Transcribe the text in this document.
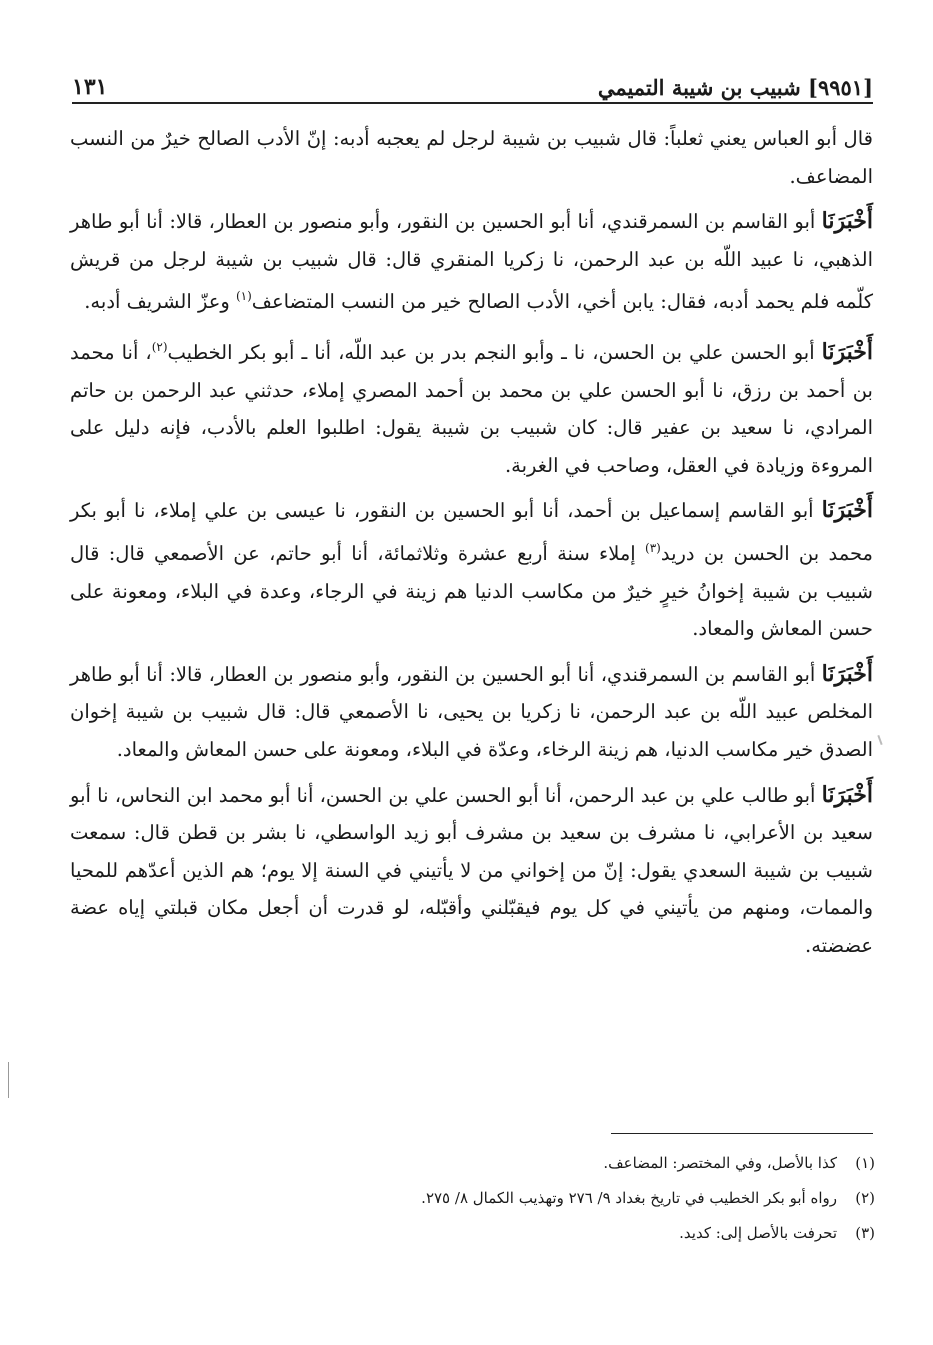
[٩٩٥١] شبيب بن شيبة التميمي
١٣١

قال أبو العباس يعني ثعلباً: قال شبيب بن شيبة لرجل لم يعجبه أدبه: إنّ الأدب الصالح خيرٌ من النسب المضاعف.

أَخْبَرَنَا أبو القاسم بن السمرقندي، أنا أبو الحسين بن النقور، وأبو منصور بن العطار، قالا: أنا أبو طاهر الذهبي، نا عبيد اللّه بن عبد الرحمن، نا زكريا المنقري قال: قال شبيب بن شيبة لرجل من قريش كلّمه فلم يحمد أدبه، فقال: يابن أخي، الأدب الصالح خير من النسب المتضاعف$^{(١)}$ وعزّ الشريف أدبه.

أَخْبَرَنَا أبو الحسن علي بن الحسن، نا ـ وأبو النجم بدر بن عبد اللّه، أنا ـ أبو بكر الخطيب$^{(٢)}$، أنا محمد بن أحمد بن رزق، نا أبو الحسن علي بن محمد بن أحمد المصري إملاء، حدثني عبد الرحمن بن حاتم المرادي، نا سعيد بن عفير قال: كان شبيب بن شيبة يقول: اطلبوا العلم بالأدب، فإنه دليل على المروءة وزيادة في العقل، وصاحب في الغربة.

أَخْبَرَنَا أبو القاسم إسماعيل بن أحمد، أنا أبو الحسين بن النقور، نا عيسى بن علي إملاء، نا أبو بكر محمد بن الحسن بن دريد$^{(٣)}$ إملاء سنة أربع عشرة وثلاثمائة، أنا أبو حاتم، عن الأصمعي قال: قال شبيب بن شيبة إخوانُ خيرٍ خيرٌ من مكاسب الدنيا هم زينة في الرجاء، وعدة في البلاء، ومعونة على حسن المعاش والمعاد.

أَخْبَرَنَا أبو القاسم بن السمرقندي، أنا أبو الحسين بن النقور، وأبو منصور بن العطار، قالا: أنا أبو طاهر المخلص عبيد اللّه بن عبد الرحمن، نا زكريا بن يحيى، نا الأصمعي قال: قال شبيب بن شيبة إخوان الصدق خير مكاسب الدنيا، هم زينة الرخاء، وعدّة في البلاء، ومعونة على حسن المعاش والمعاد.

أَخْبَرَنَا أبو طالب علي بن عبد الرحمن، أنا أبو الحسن علي بن الحسن، أنا أبو محمد ابن النحاس، نا أبو سعيد بن الأعرابي، نا مشرف بن سعيد بن مشرف أبو زيد الواسطي، نا بشر بن قطن قال: سمعت شبيب بن شيبة السعدي يقول: إنّ من إخواني من لا يأتيني في السنة إلا يوم؛ هم الذين أعدّهم للمحيا والممات، ومنهم من يأتيني في كل يوم فيقبّلني وأقبّله، لو قدرت أن أجعل مكان قبلتي إياه عضة عضضته.

(١)
كذا بالأصل، وفي المختصر: المضاعف.
(٢)
رواه أبو بكر الخطيب في تاريخ بغداد ٩/ ٢٧٦ وتهذيب الكمال ٨/ ٢٧٥.
(٣)
تحرفت بالأصل إلى: كديد.
